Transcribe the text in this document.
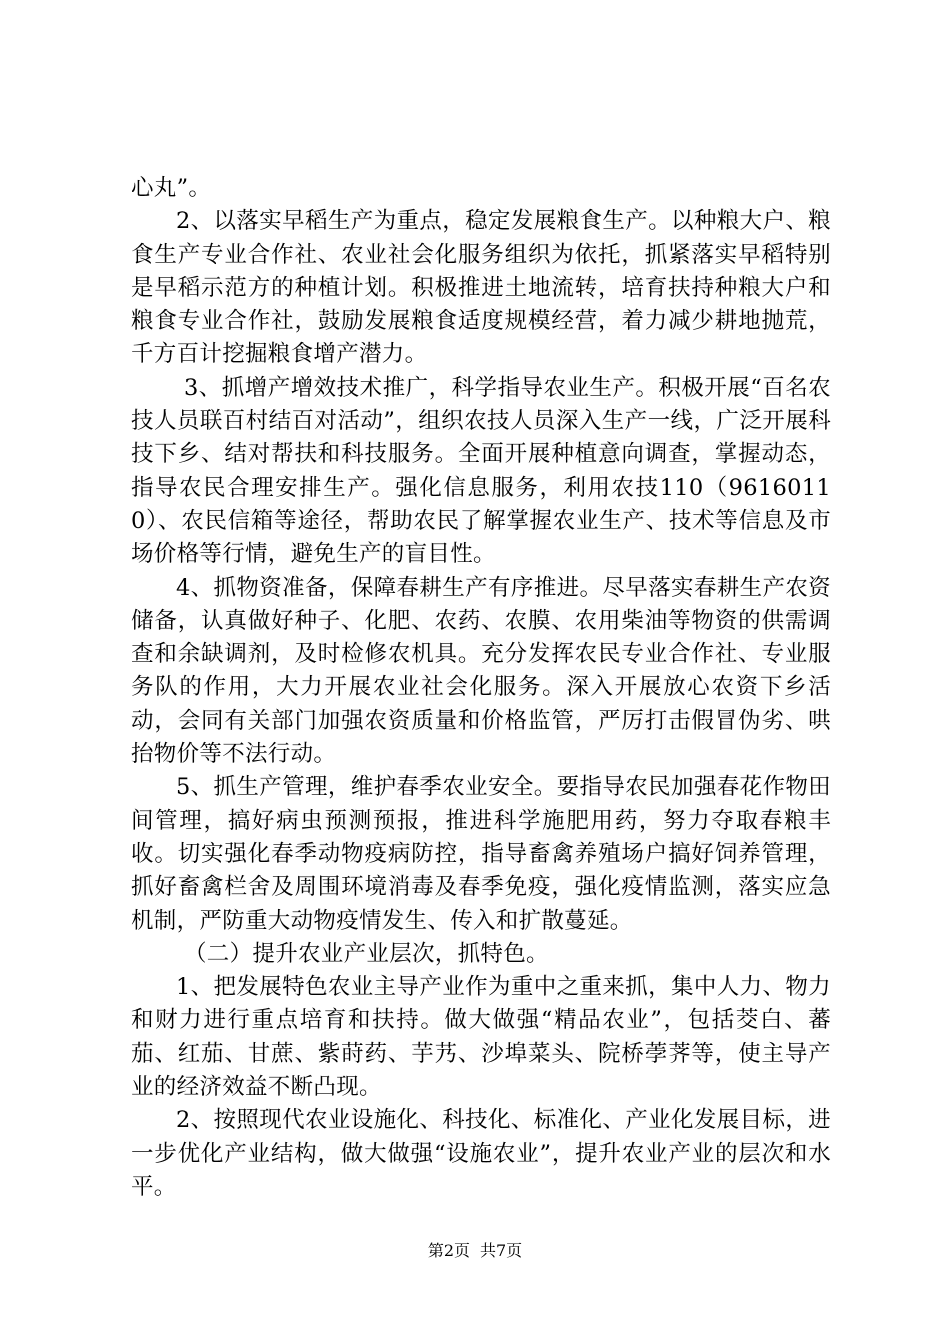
心丸”。

2、以落实早稻生产为重点，稳定发展粮食生产。以种粮大户、粮食生产专业合作社、农业社会化服务组织为依托，抓紧落实早稻特别是早稻示范方的种植计划。积极推进土地流转，培育扶持种粮大户和粮食专业合作社，鼓励发展粮食适度规模经营，着力减少耕地抛荒，千方百计挖掘粮食增产潜力。

3、抓增产增效技术推广，科学指导农业生产。积极开展“百名农技人员联百村结百对活动”，组织农技人员深入生产一线，广泛开展科技下乡、结对帮扶和科技服务。全面开展种植意向调查，掌握动态，指导农民合理安排生产。强化信息服务，利用农技110（96160110）、农民信箱等途径，帮助农民了解掌握农业生产、技术等信息及市场价格等行情，避免生产的盲目性。

4、抓物资准备，保障春耕生产有序推进。尽早落实春耕生产农资储备，认真做好种子、化肥、农药、农膜、农用柴油等物资的供需调查和余缺调剂，及时检修农机具。充分发挥农民专业合作社、专业服务队的作用，大力开展农业社会化服务。深入开展放心农资下乡活动，会同有关部门加强农资质量和价格监管，严厉打击假冒伪劣、哄抬物价等不法行动。

5、抓生产管理，维护春季农业安全。要指导农民加强春花作物田间管理，搞好病虫预测预报，推进科学施肥用药，努力夺取春粮丰收。切实强化春季动物疫病防控，指导畜禽养殖场户搞好饲养管理，抓好畜禽栏舍及周围环境消毒及春季免疫，强化疫情监测，落实应急机制，严防重大动物疫情发生、传入和扩散蔓延。

（二）提升农业产业层次，抓特色。

1、把发展特色农业主导产业作为重中之重来抓，集中人力、物力和财力进行重点培育和扶持。做大做强“精品农业”，包括茭白、蕃茄、红茄、甘蔗、紫莳药、芋艿、沙埠菜头、院桥荸荠等，使主导产业的经济效益不断凸现。

2、按照现代农业设施化、科技化、标准化、产业化发展目标，进一步优化产业结构，做大做强“设施农业”，提升农业产业的层次和水平。

第2页 共7页
